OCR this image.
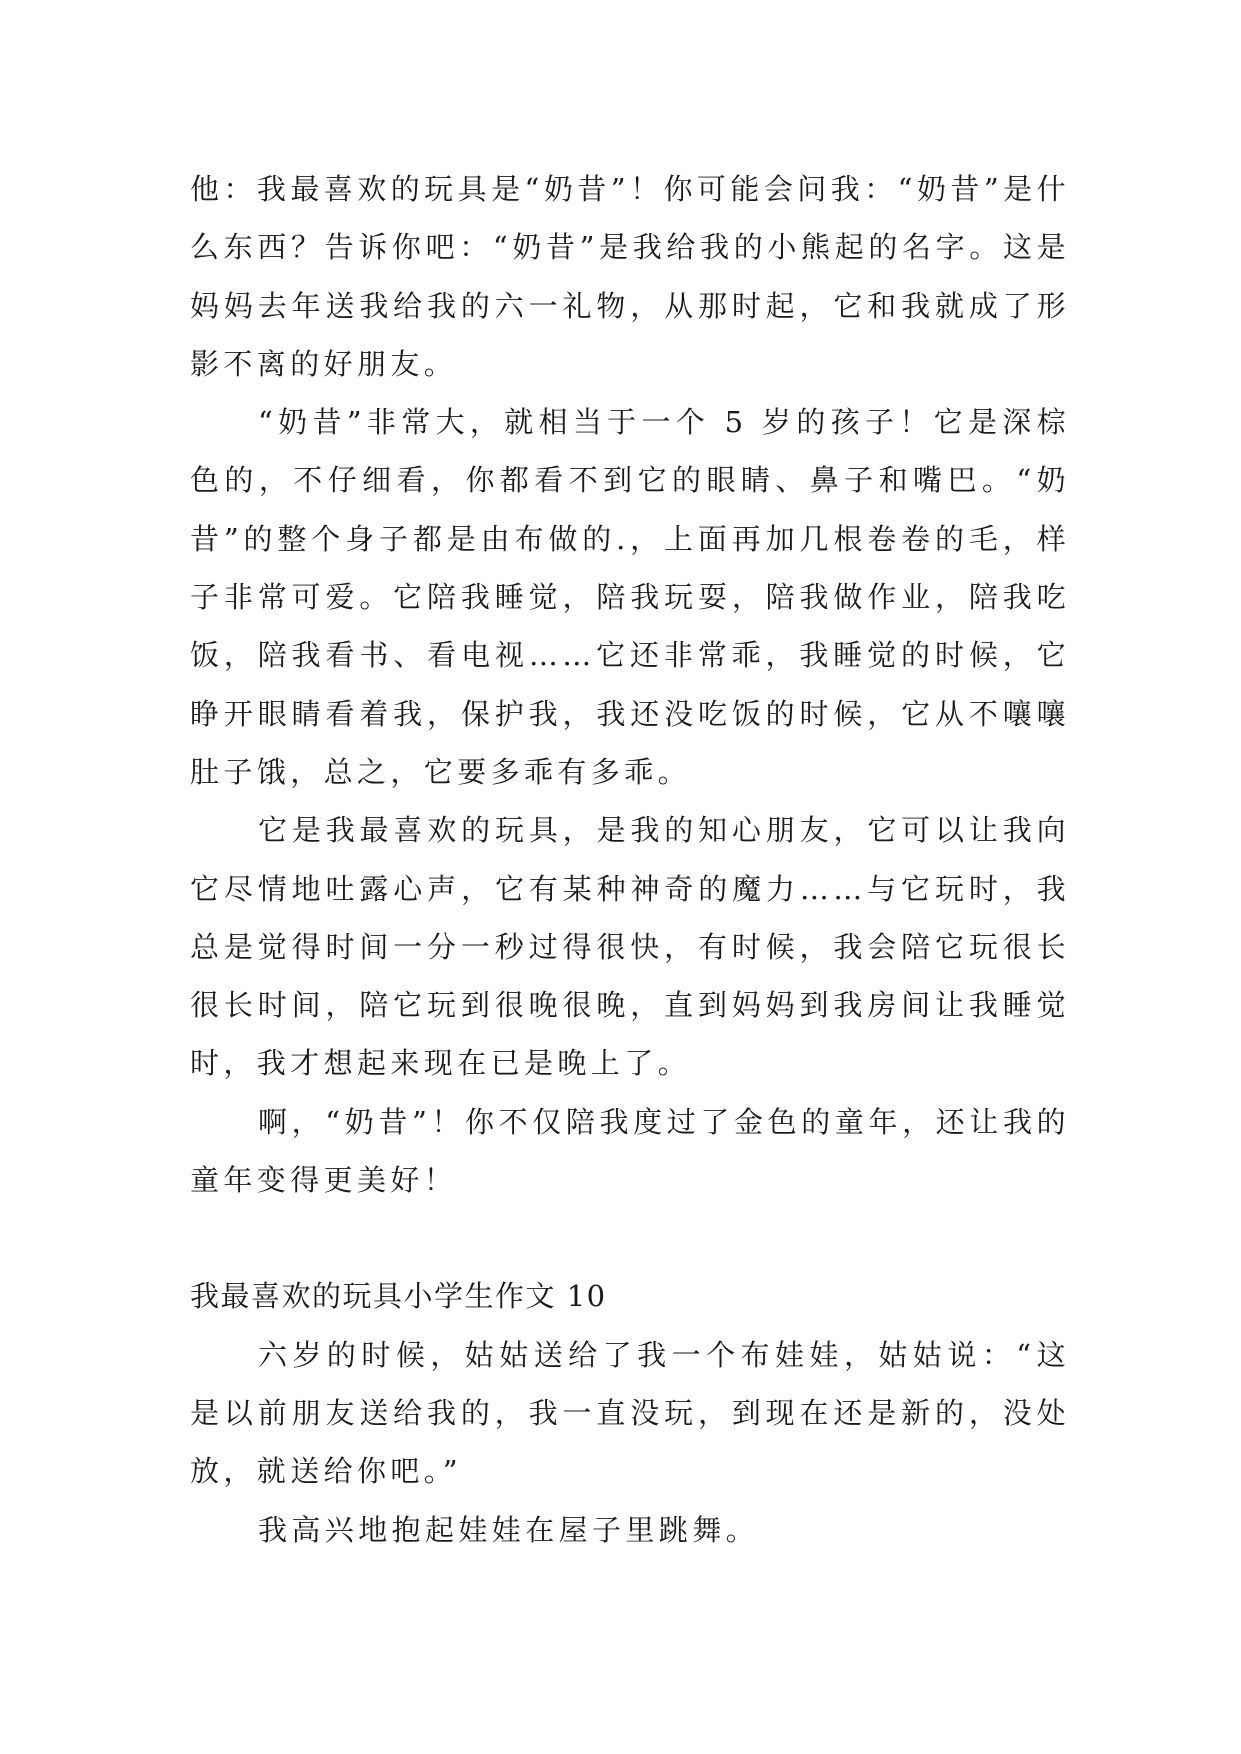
他：我最喜欢的玩具是“奶昔”！你可能会问我：“奶昔”是什么东西？告诉你吧：“奶昔”是我给我的小熊起的名字。这是妈妈去年送我给我的六一礼物，从那时起，它和我就成了形影不离的好朋友。

“奶昔”非常大，就相当于一个 5 岁的孩子！它是深棕色的，不仔细看，你都看不到它的眼睛、鼻子和嘴巴。“奶昔”的整个身子都是由布做的.，上面再加几根卷卷的毛，样子非常可爱。它陪我睡觉，陪我玩耍，陪我做作业，陪我吃饭，陪我看书、看电视……它还非常乖，我睡觉的时候，它睁开眼睛看着我，保护我，我还没吃饭的时候，它从不嚷嚷肚子饿，总之，它要多乖有多乖。

它是我最喜欢的玩具，是我的知心朋友，它可以让我向它尽情地吐露心声，它有某种神奇的魔力……与它玩时，我总是觉得时间一分一秒过得很快，有时候，我会陪它玩很长很长时间，陪它玩到很晚很晚，直到妈妈到我房间让我睡觉时，我才想起来现在已是晚上了。

啊，“奶昔”！你不仅陪我度过了金色的童年，还让我的童年变得更美好！

我最喜欢的玩具小学生作文 10

六岁的时候，姑姑送给了我一个布娃娃，姑姑说：“这是以前朋友送给我的，我一直没玩，到现在还是新的，没处放，就送给你吧。”

我高兴地抱起娃娃在屋子里跳舞。
